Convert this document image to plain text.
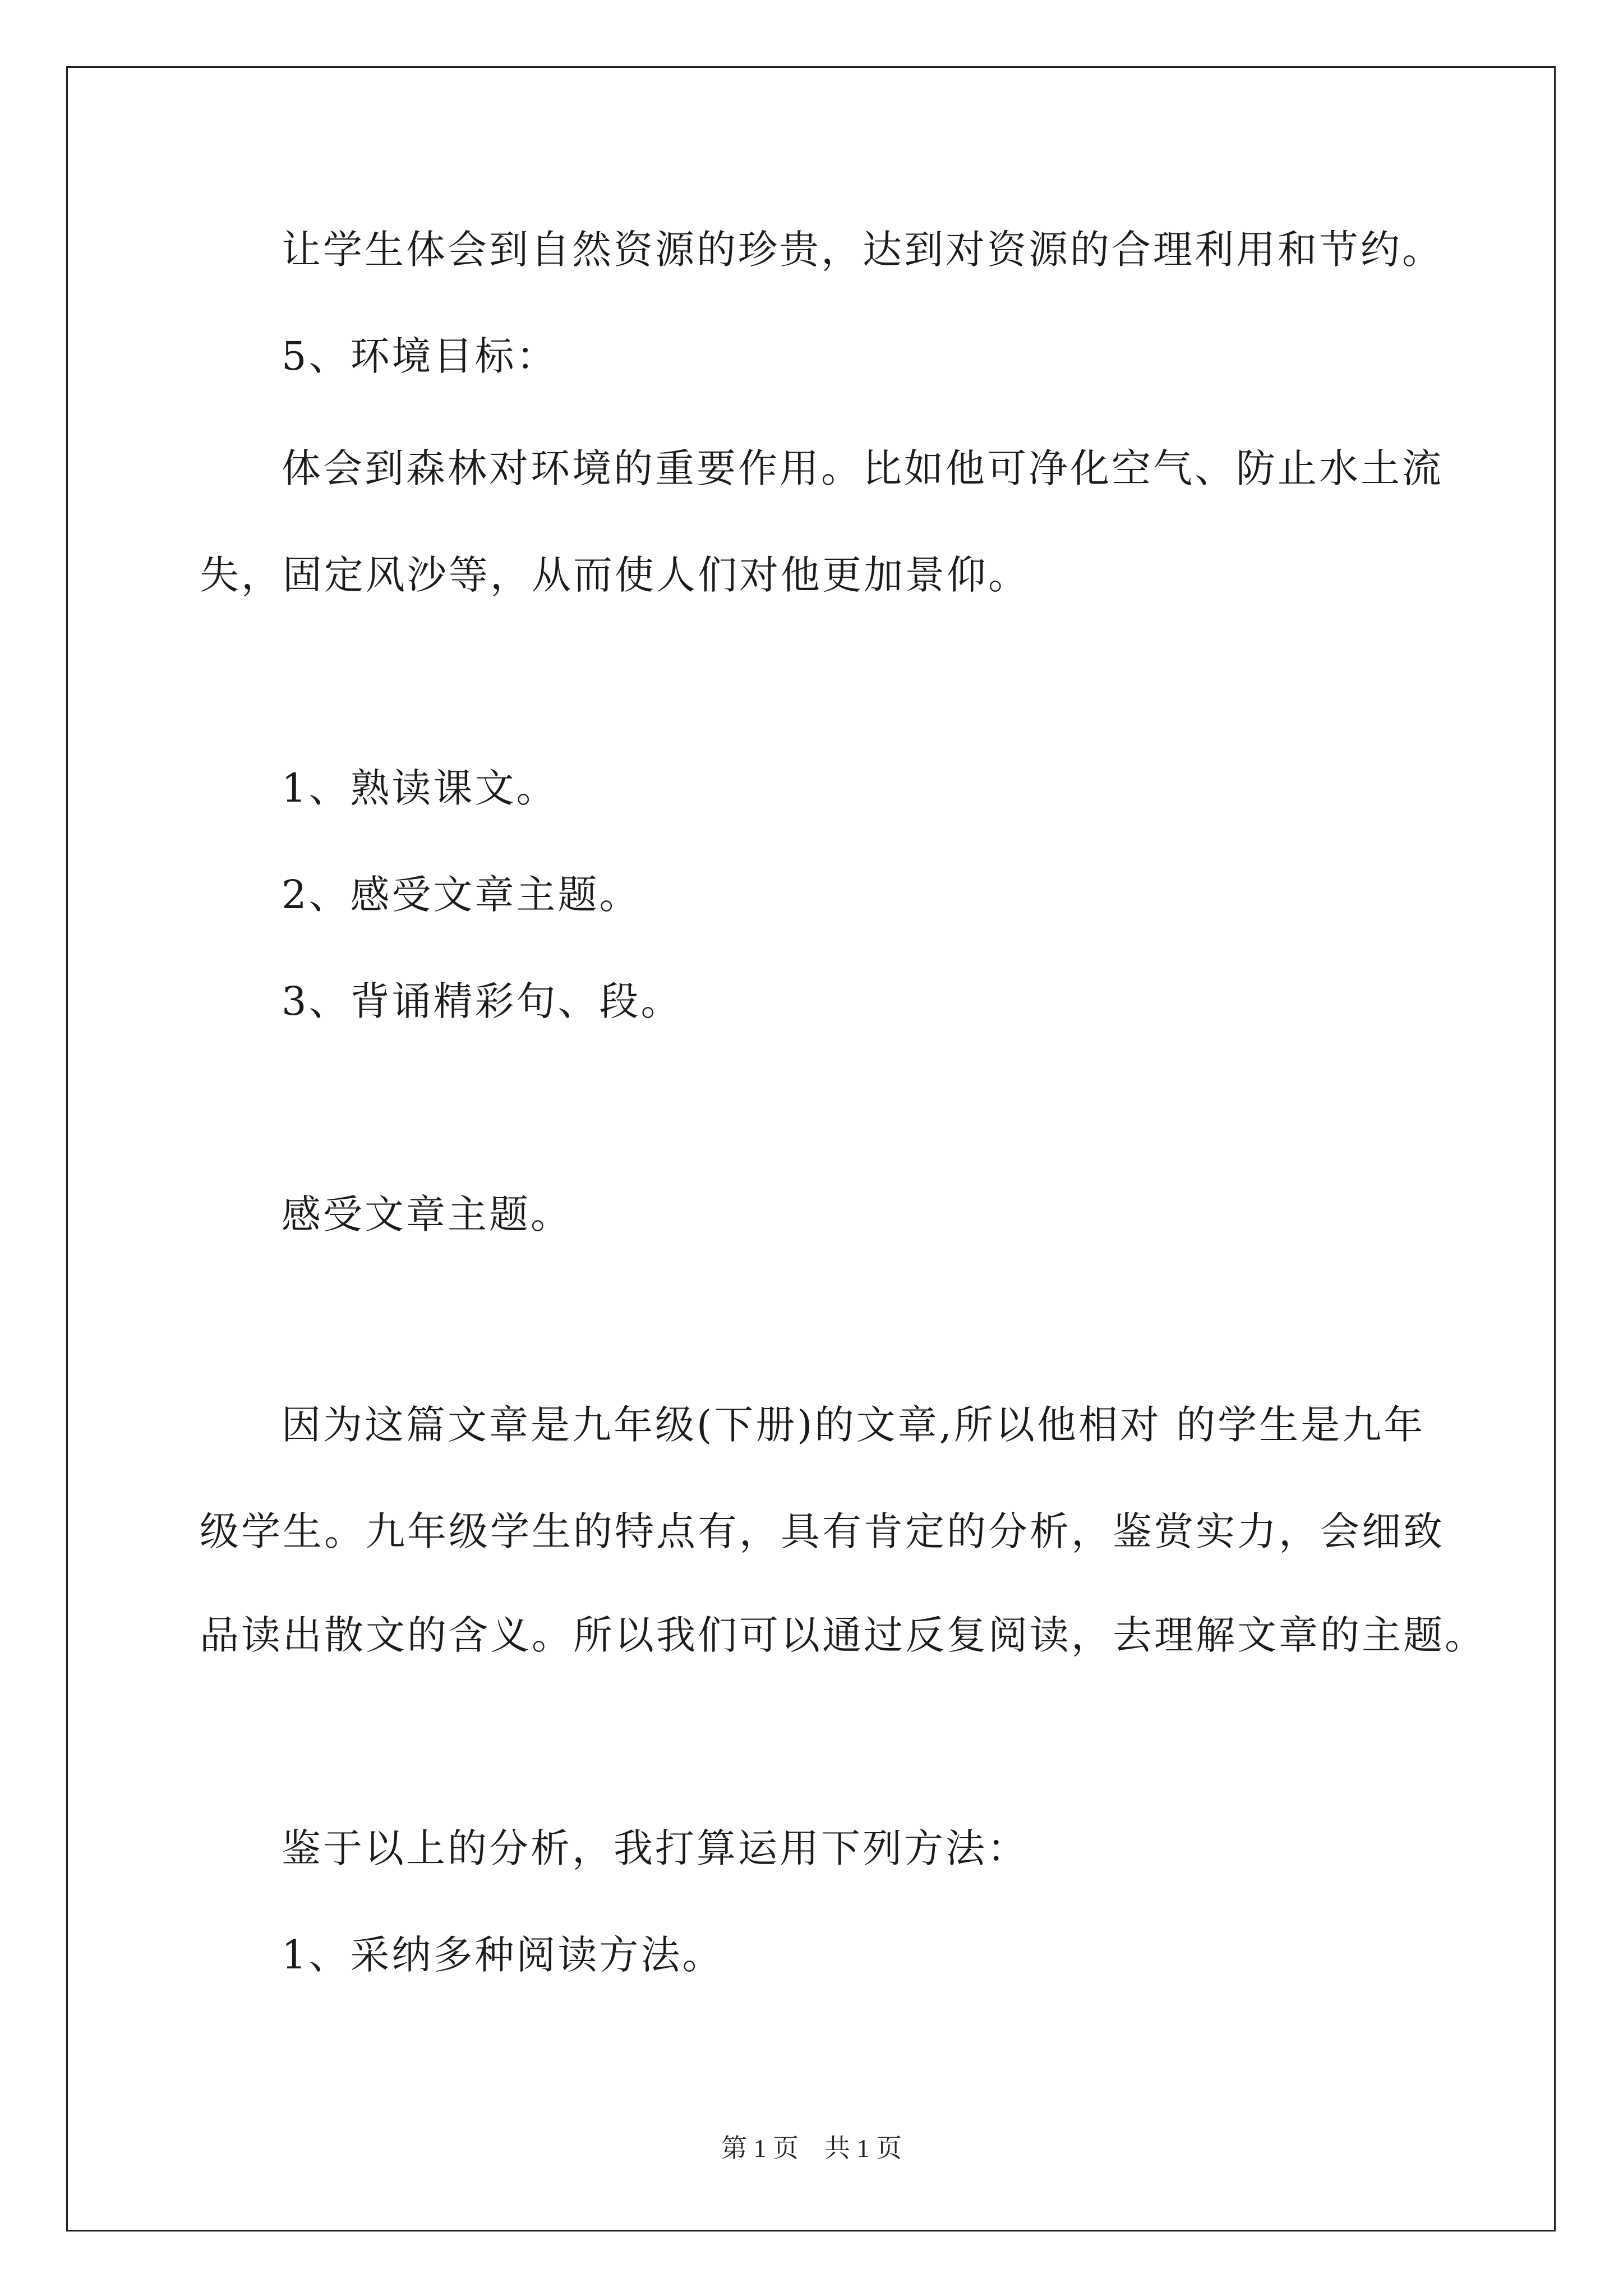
让学生体会到自然资源的珍贵，达到对资源的合理利用和节约。
5、环境目标：
体会到森林对环境的重要作用。比如他可净化空气、防止水土流
失，固定风沙等，从而使人们对他更加景仰。
1、熟读课文。
2、感受文章主题。
3、背诵精彩句、段。
感受文章主题。
因为这篇文章是九年级(下册)的文章,所以他相对 的学生是九年
级学生。九年级学生的特点有，具有肯定的分析，鉴赏实力，会细致
品读出散文的含义。所以我们可以通过反复阅读，去理解文章的主题。
鉴于以上的分析，我打算运用下列方法：
1、采纳多种阅读方法。
第 1 页　共 1 页
